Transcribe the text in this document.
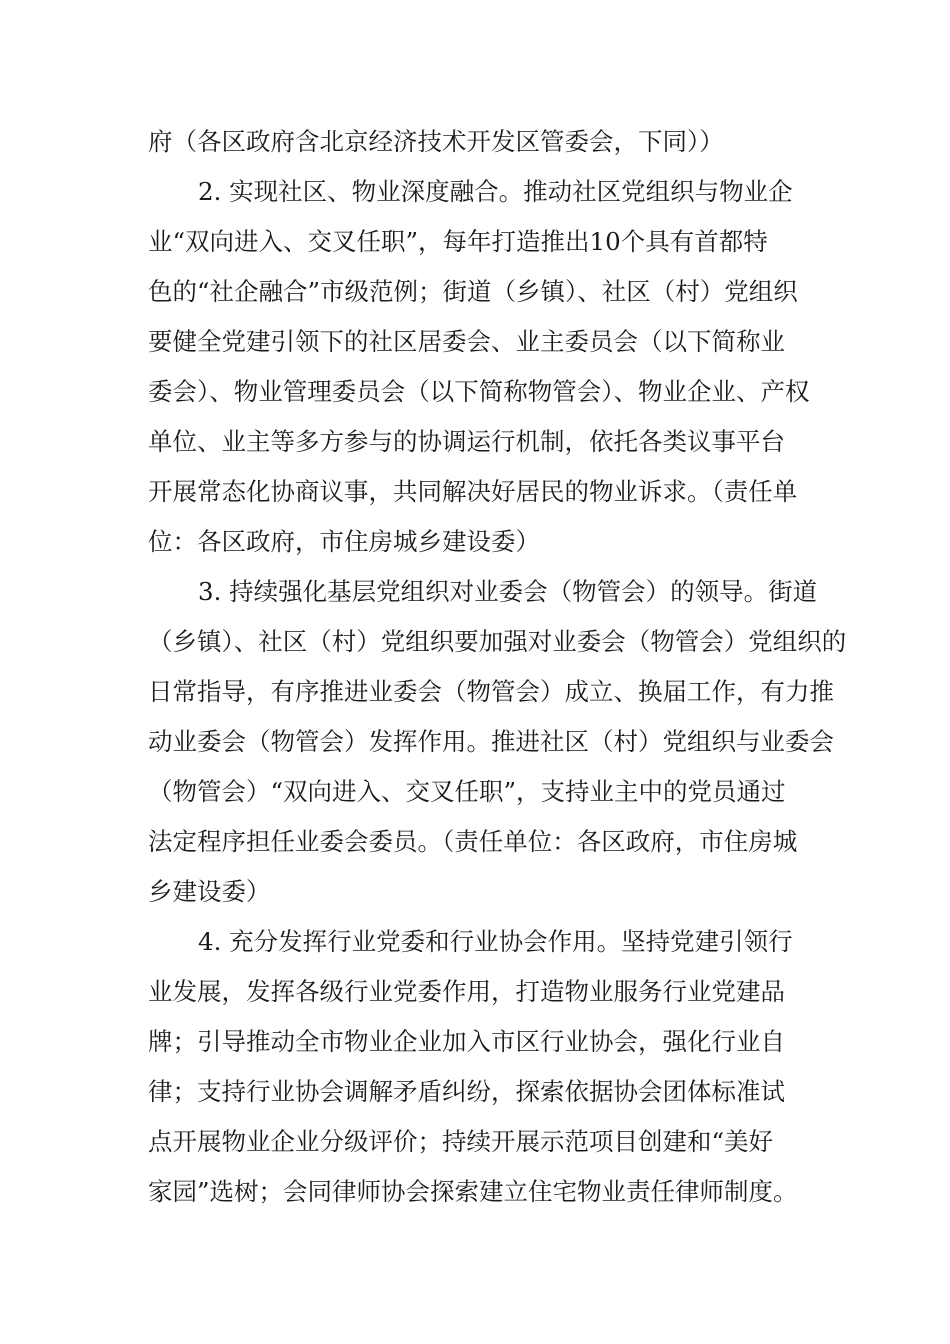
府（各区政府含北京经济技术开发区管委会，下同））
2. 实现社区、物业深度融合。推动社区党组织与物业企
业“双向进入、交叉任职”，每年打造推出10个具有首都特
色的“社企融合”市级范例；街道（乡镇）、社区（村）党组织
要健全党建引领下的社区居委会、业主委员会（以下简称业
委会）、物业管理委员会（以下简称物管会）、物业企业、产权
单位、业主等多方参与的协调运行机制，依托各类议事平台
开展常态化协商议事，共同解决好居民的物业诉求。（责任单
位：各区政府，市住房城乡建设委）
3. 持续强化基层党组织对业委会（物管会）的领导。街道
（乡镇）、社区（村）党组织要加强对业委会（物管会）党组织的
日常指导，有序推进业委会（物管会）成立、换届工作，有力推
动业委会（物管会）发挥作用。推进社区（村）党组织与业委会
（物管会）“双向进入、交叉任职”，支持业主中的党员通过
法定程序担任业委会委员。（责任单位：各区政府，市住房城
乡建设委）
4. 充分发挥行业党委和行业协会作用。坚持党建引领行
业发展，发挥各级行业党委作用，打造物业服务行业党建品
牌；引导推动全市物业企业加入市区行业协会，强化行业自
律；支持行业协会调解矛盾纠纷，探索依据协会团体标准试
点开展物业企业分级评价；持续开展示范项目创建和“美好
家园”选树；会同律师协会探索建立住宅物业责任律师制度。
